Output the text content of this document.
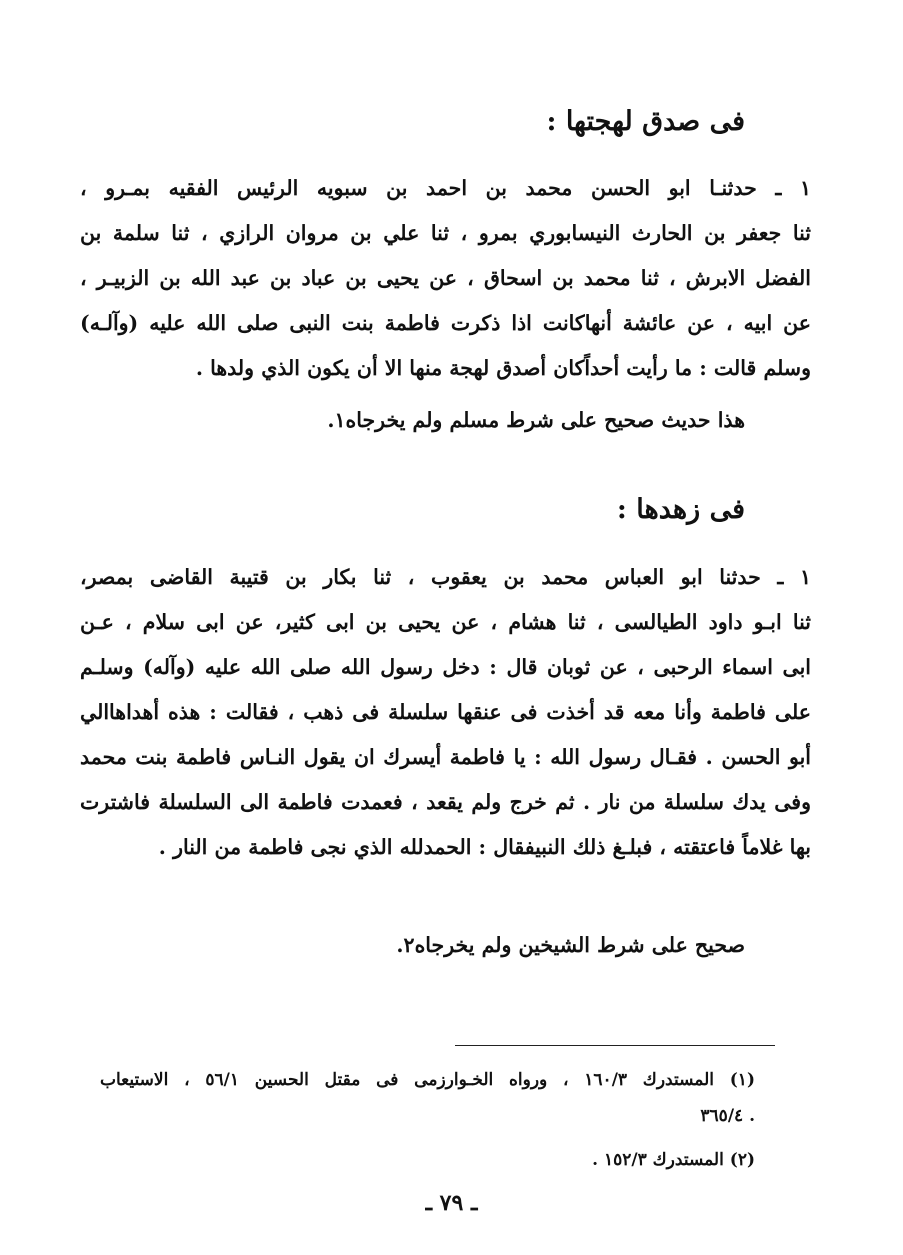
فى صدق لهجتها :
١ ـ حدثنـا ابو الحسن محمد بن احمد بن سبويه الرئيس الفقيه بمـرو ،
ثنا جعفر بن الحارث النيسابوري بمرو ، ثنا علي بن مروان الرازي ، ثنا سلمة بن
الفضل الابرش ، ثنا محمد بن اسحاق ، عن يحيى بن عباد بن عبد الله بن الزبيـر ،
عن ابيه ، عن عائشة أنهاكانت اذا ذكرت فاطمة بنت النبى صلى الله عليه (وآلـه)
وسلم قالت : ما رأيت أحداًكان أصدق لهجة منها الا أن يكون الذي ولدها .
هذا حديث صحيح على شرط مسلم ولم يخرجاه١.
فى زهدها :
١ ـ حدثنا ابو العباس محمد بن يعقوب ، ثنا بكار بن قتيبة القاضى بمصر،
ثنا ابـو داود الطيالسى ، ثنا هشام ، عن يحيى بن ابى كثير، عن ابى سلام ، عـن
ابى اسماء الرحبى ، عن ثوبان قال : دخل رسول الله صلى الله عليه (وآله) وسلـم
على فاطمة وأنا معه قد أخذت فى عنقها سلسلة فى ذهب ، فقالت : هذه أهداهاالي
أبو الحسن . فقـال رسول الله : يا فاطمة أيسرك ان يقول النـاس فاطمة بنت محمد
وفى يدك سلسلة من نار . ثم خرج ولم يقعد ، فعمدت فاطمة الى السلسلة فاشترت
بها غلاماً فاعتقته ، فبلـغ ذلك النبيفقال : الحمدلله الذي نجى فاطمة من النار .
صحيح على شرط الشيخين ولم يخرجاه٢.
(١) المستدرك ١٦٠/٣ ، ورواه الخـوارزمى فى مقتل الحسين ٥٦/١ ، الاستيعاب
. ٣٦٥/٤
(٢) المستدرك ١٥٢/٣ .
ـ ٧٩ ـ
